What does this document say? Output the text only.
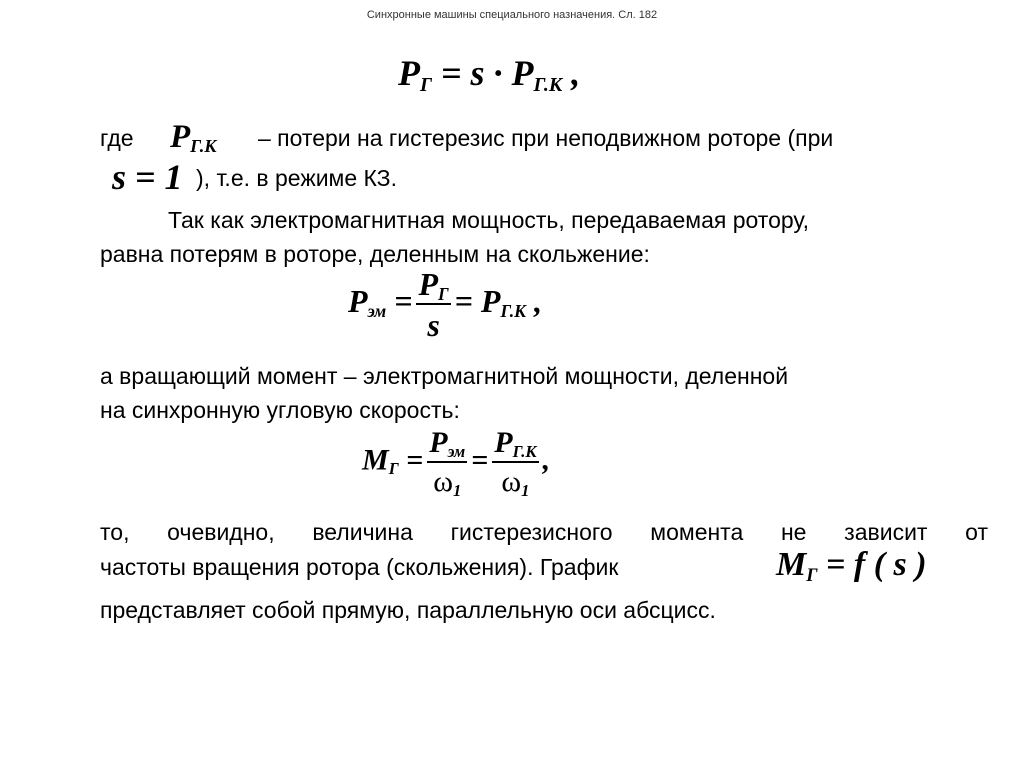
Синхронные машины специального назначения. Сл. 182
$P_Г = s \cdot P_{Г.К}$ ,
где $P_{Г.К}$ – потери на гистерезис при неподвижном роторе (при
s = 1 ), т.е. в режиме КЗ.
Так как электромагнитная мощность, передаваемая ротору,
равна потерям в роторе, деленным на скольжение:
$P_{эм} = \frac{P_Г}{s} = P_{Г.К}$ ,
а вращающий момент – электромагнитной мощности, деленной
на синхронную угловую скорость:
$M_Г = \frac{P_{эм}}{\omega_1} = \frac{P_{Г.К}}{\omega_1}$ ,
то, очевидно, величина гистерезисного момента не зависит от
частоты вращения ротора (скольжения). График	$M_Г = f$ ( s )
представляет собой прямую, параллельную оси абсцисс.
